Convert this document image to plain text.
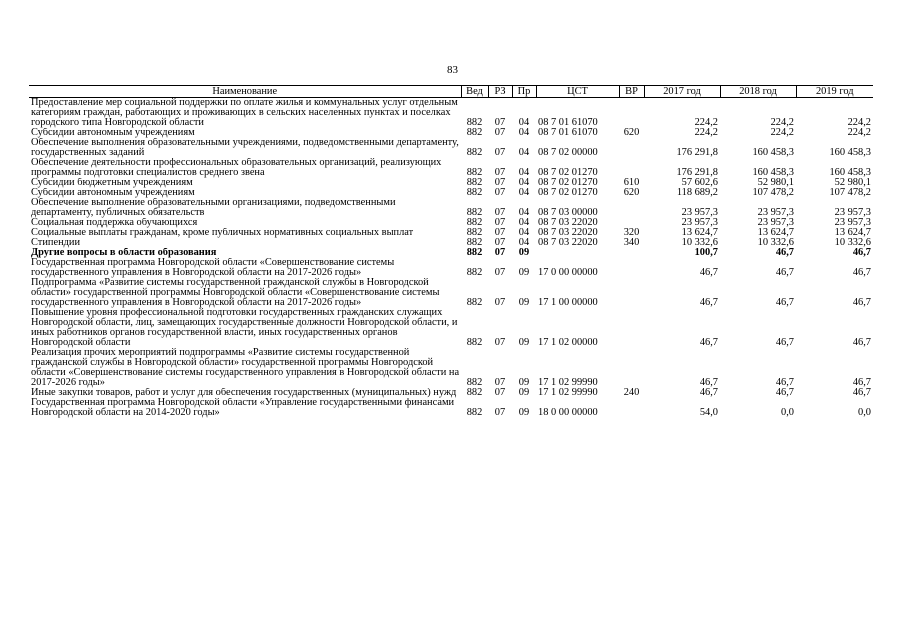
83
Наименование	Вед	РЗ	Пр	ЦСТ	ВР	2017 год	2018 год	2019 год
Предоставление мер социальной поддержки по оплате жилья и коммунальных услуг отдельным категориям граждан, работающих и проживающих в сельских населенных пунктах и поселках городского типа Новгородской области	882	07	04	08 7 01 61070		224,2	224,2	224,2
Субсидии автономным учреждениям	882	07	04	08 7 01 61070	620	224,2	224,2	224,2
Обеспечение выполнения образовательными учреждениями, подведомственными департаменту, государственных заданий	882	07	04	08 7 02 00000		176 291,8	160 458,3	160 458,3
Обеспечение деятельности профессиональных образовательных организаций, реализующих программы подготовки специалистов среднего звена	882	07	04	08 7 02 01270		176 291,8	160 458,3	160 458,3
Субсидии бюджетным учреждениям	882	07	04	08 7 02 01270	610	57 602,6	52 980,1	52 980,1
Субсидии автономным учреждениям	882	07	04	08 7 02 01270	620	118 689,2	107 478,2	107 478,2
Обеспечение выполнение образовательными организациями, подведомственными департаменту, публичных обязательств	882	07	04	08 7 03 00000		23 957,3	23 957,3	23 957,3
Социальная поддержка обучающихся	882	07	04	08 7 03 22020		23 957,3	23 957,3	23 957,3
Социальные выплаты гражданам, кроме публичных нормативных социальных выплат	882	07	04	08 7 03 22020	320	13 624,7	13 624,7	13 624,7
Стипендии	882	07	04	08 7 03 22020	340	10 332,6	10 332,6	10 332,6
Другие вопросы в области образования	882	07	09			100,7	46,7	46,7
Государственная программа Новгородской области «Совершенствование системы государственного управления в Новгородской области на 2017-2026 годы»	882	07	09	17 0 00 00000		46,7	46,7	46,7
Подпрограмма «Развитие системы государственной гражданской службы в Новгородской области» государственной программы Новгородской области «Совершенствование системы государственного управления в Новгородской области на 2017-2026 годы»	882	07	09	17 1 00 00000		46,7	46,7	46,7
Повышение уровня профессиональной подготовки государственных гражданских служащих Новгородской области, лиц, замещающих государственные должности Новгородской области, и иных работников органов государственной власти, иных государственных органов Новгородской области	882	07	09	17 1 02 00000		46,7	46,7	46,7
Реализация прочих мероприятий подпрограммы «Развитие системы государственной гражданской службы в Новгородской области» государственной программы Новгородской области «Совершенствование системы государственного управления в Новгородской области на 2017-2026 годы»	882	07	09	17 1 02 99990		46,7	46,7	46,7
Иные закупки товаров, работ и услуг для обеспечения государственных (муниципальных) нужд	882	07	09	17 1 02 99990	240	46,7	46,7	46,7
Государственная программа Новгородской области «Управление государственными финансами Новгородской области на 2014-2020 годы»	882	07	09	18 0 00 00000		54,0	0,0	0,0
